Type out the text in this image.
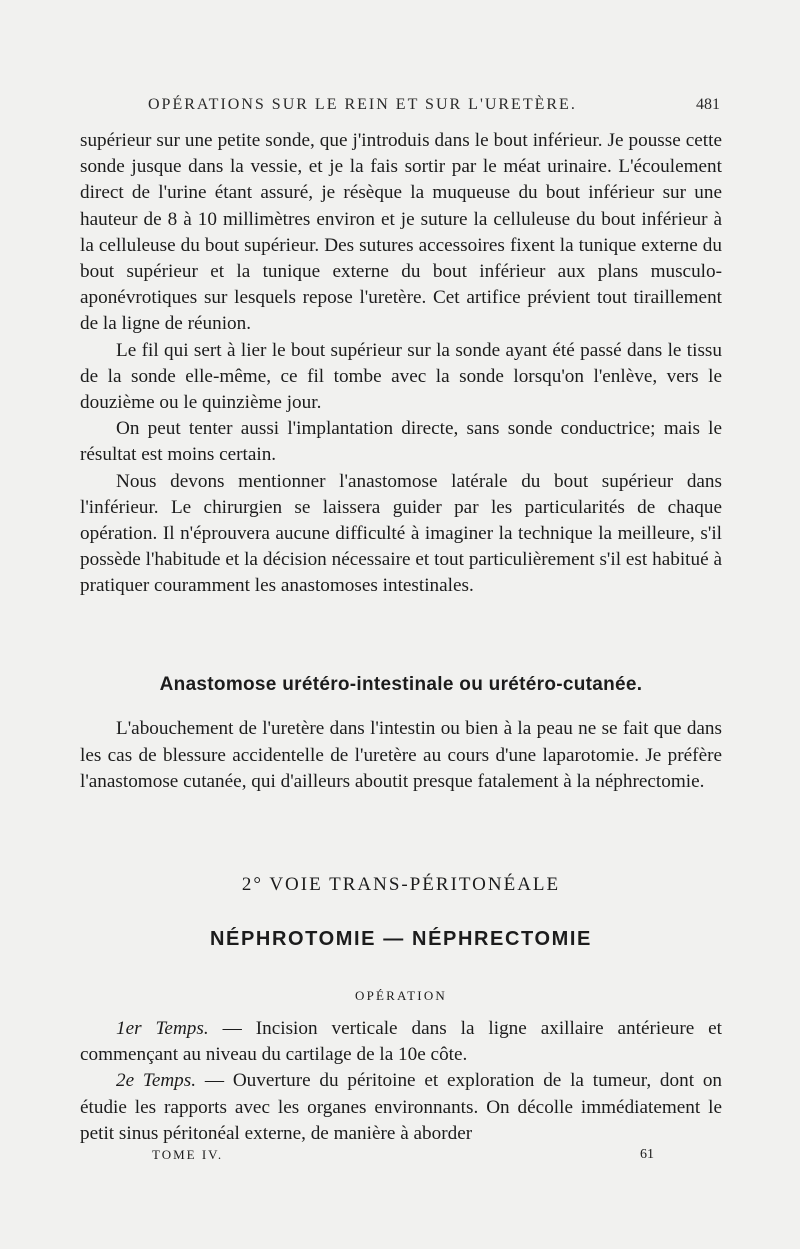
OPÉRATIONS SUR LE REIN ET SUR L'URETÈRE.	481

supérieur sur une petite sonde, que j'introduis dans le bout inférieur. Je pousse cette sonde jusque dans la vessie, et je la fais sortir par le méat urinaire. L'écoulement direct de l'urine étant assuré, je résèque la muqueuse du bout inférieur sur une hauteur de 8 à 10 millimètres environ et je suture la celluleuse du bout inférieur à la celluleuse du bout supérieur. Des sutures accessoires fixent la tunique externe du bout supérieur et la tunique externe du bout inférieur aux plans musculo-aponévrotiques sur lesquels repose l'uretère. Cet artifice prévient tout tiraillement de la ligne de réunion.

Le fil qui sert à lier le bout supérieur sur la sonde ayant été passé dans le tissu de la sonde elle-même, ce fil tombe avec la sonde lorsqu'on l'enlève, vers le douzième ou le quinzième jour.

On peut tenter aussi l'implantation directe, sans sonde conductrice; mais le résultat est moins certain.

Nous devons mentionner l'anastomose latérale du bout supérieur dans l'inférieur. Le chirurgien se laissera guider par les particularités de chaque opération. Il n'éprouvera aucune difficulté à imaginer la technique la meilleure, s'il possède l'habitude et la décision nécessaire et tout particulièrement s'il est habitué à pratiquer couramment les anastomoses intestinales.

Anastomose urétéro-intestinale ou urétéro-cutanée.

L'abouchement de l'uretère dans l'intestin ou bien à la peau ne se fait que dans les cas de blessure accidentelle de l'uretère au cours d'une laparotomie. Je préfère l'anastomose cutanée, qui d'ailleurs aboutit presque fatalement à la néphrectomie.

2° VOIE TRANS-PÉRITONÉALE
NÉPHROTOMIE — NÉPHRECTOMIE
OPÉRATION

1er Temps. — Incision verticale dans la ligne axillaire antérieure et commençant au niveau du cartilage de la 10e côte.

2e Temps. — Ouverture du péritoine et exploration de la tumeur, dont on étudie les rapports avec les organes environnants. On décolle immédiatement le petit sinus péritonéal externe, de manière à aborder

TOME IV.	61
